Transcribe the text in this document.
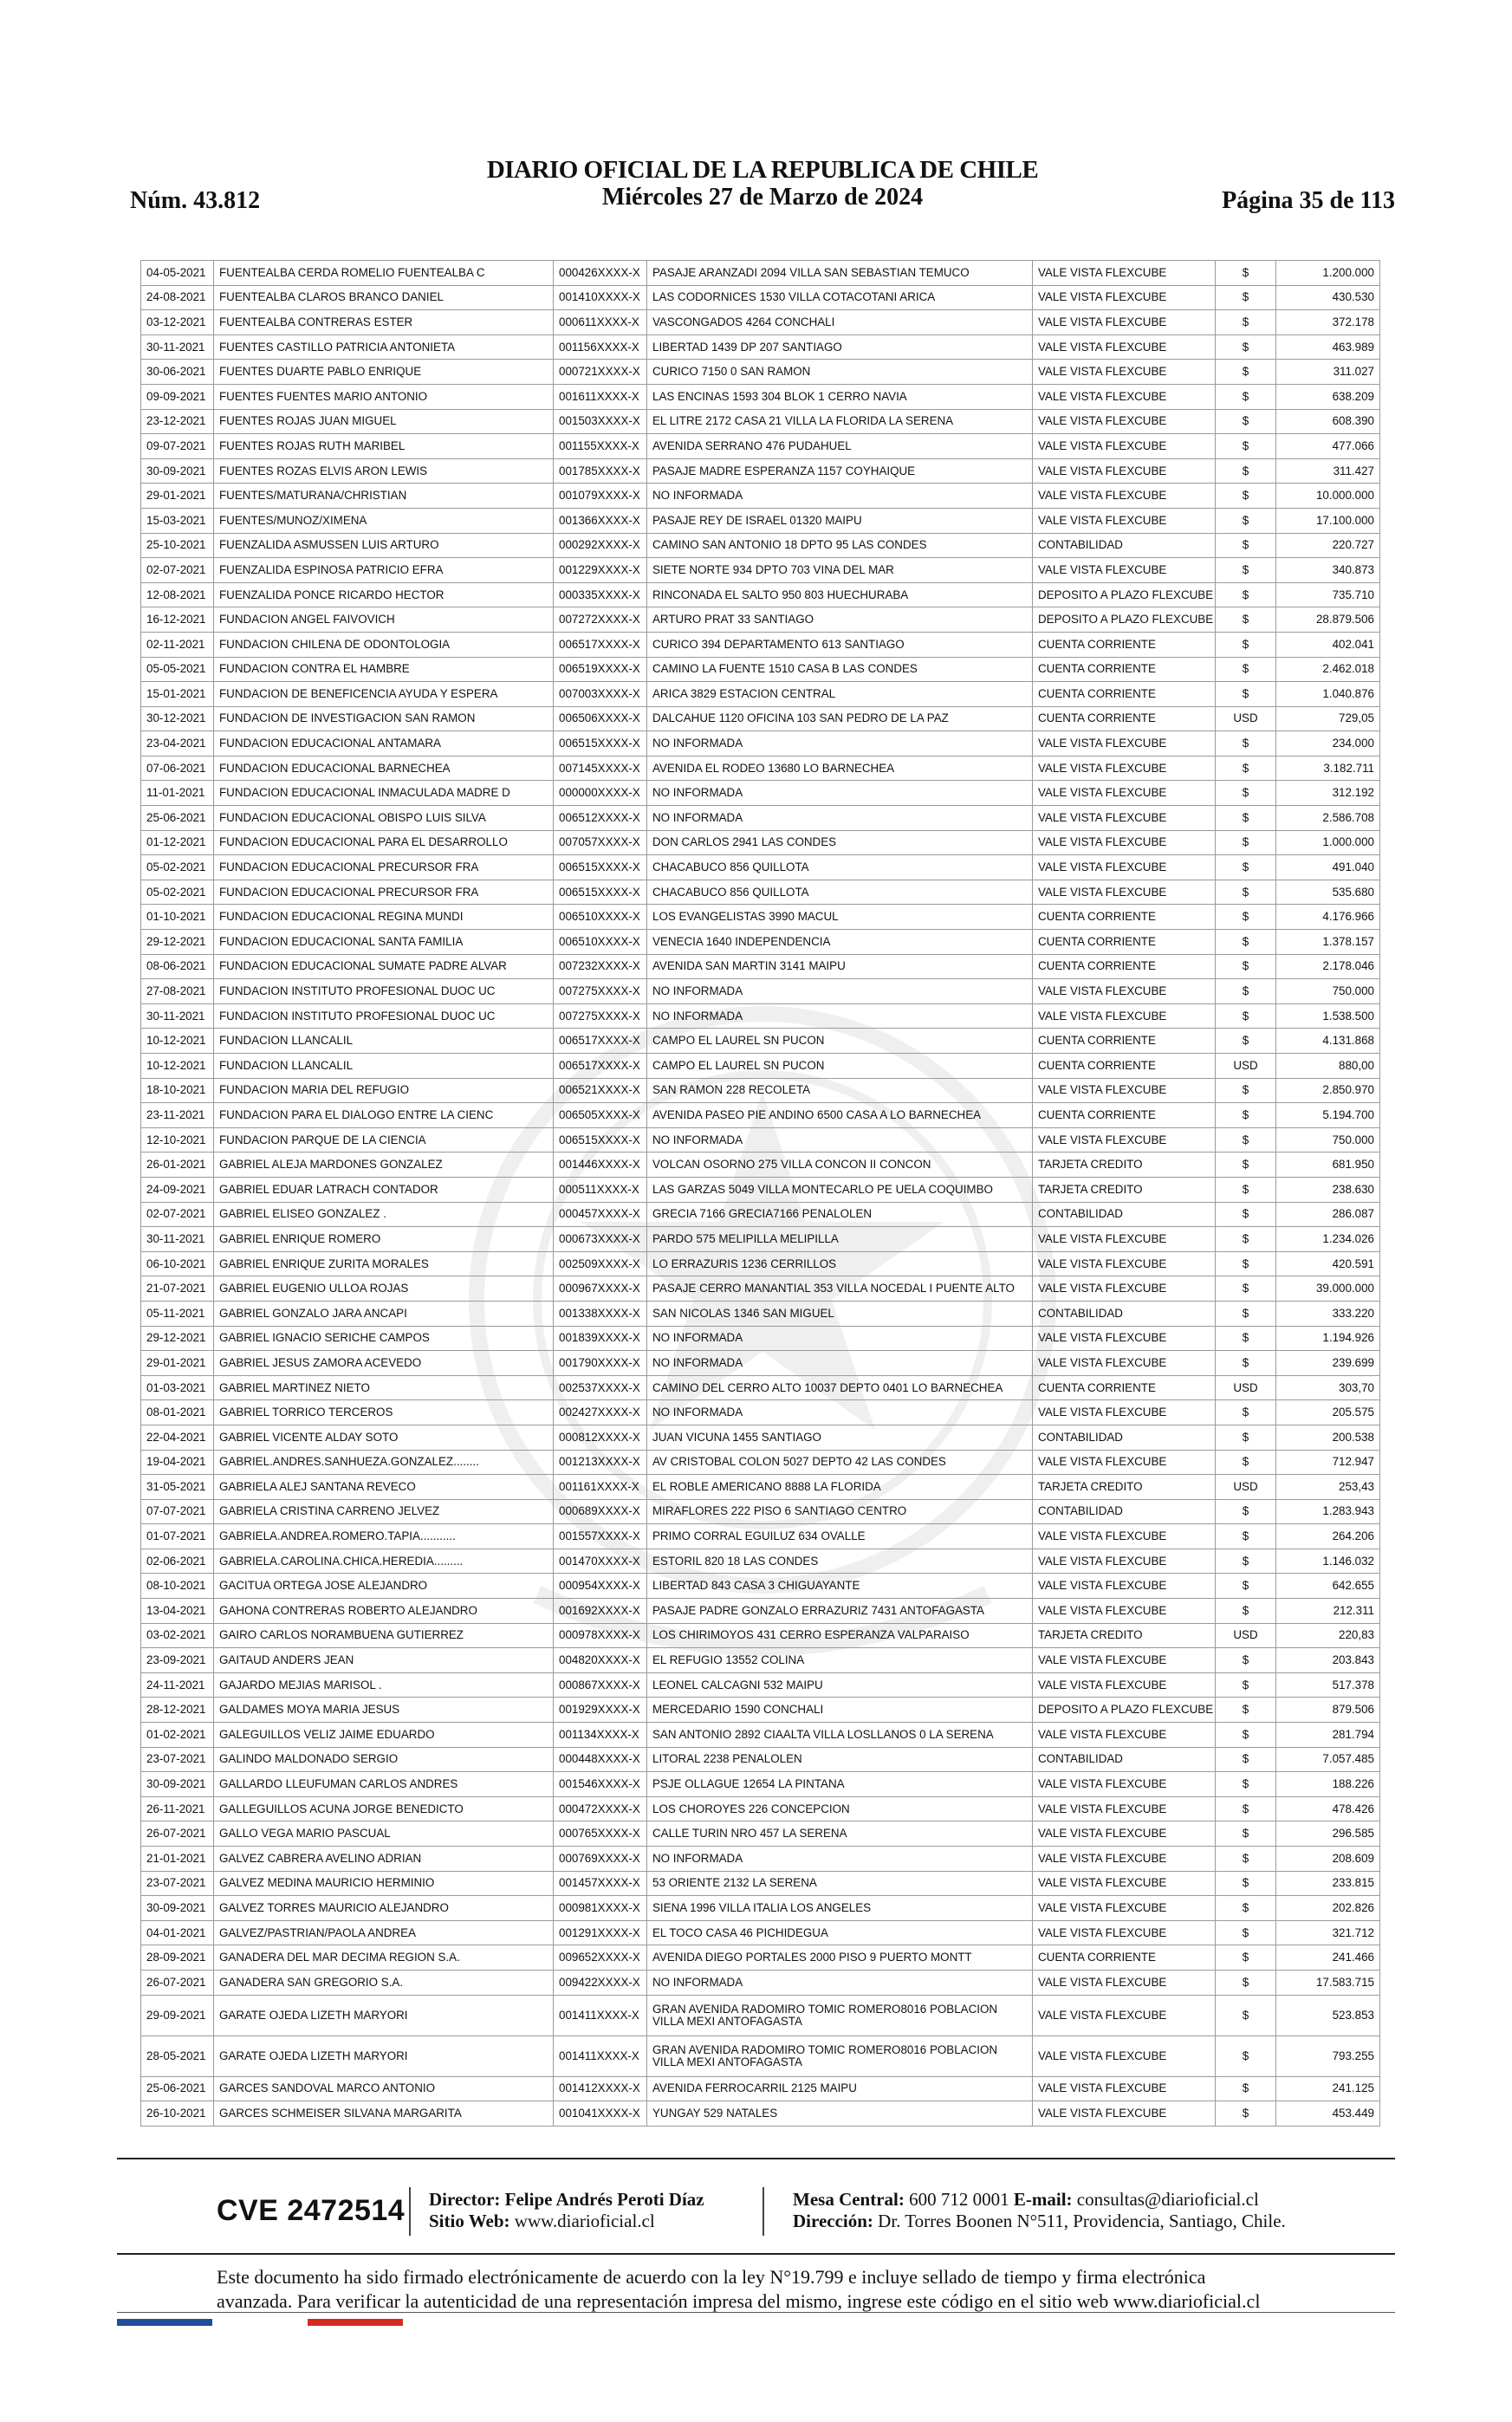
Núm. 43.812
DIARIO OFICIAL DE LA REPUBLICA DE CHILE
Miércoles 27 de Marzo de 2024	Página 35 de 113
04-05-2021	FUENTEALBA CERDA ROMELIO FUENTEALBA C	000426XXXX-X	PASAJE ARANZADI 2094 VILLA SAN SEBASTIAN TEMUCO	VALE VISTA FLEXCUBE	$	1.200.000
24-08-2021	FUENTEALBA CLAROS BRANCO DANIEL	001410XXXX-X	LAS CODORNICES 1530 VILLA COTACOTANI ARICA	VALE VISTA FLEXCUBE	$	430.530
03-12-2021	FUENTEALBA CONTRERAS ESTER	000611XXXX-X	VASCONGADOS 4264 CONCHALI	VALE VISTA FLEXCUBE	$	372.178
30-11-2021	FUENTES CASTILLO PATRICIA ANTONIETA	001156XXXX-X	LIBERTAD 1439 DP 207 SANTIAGO	VALE VISTA FLEXCUBE	$	463.989
30-06-2021	FUENTES DUARTE PABLO ENRIQUE	000721XXXX-X	CURICO 7150 0 SAN RAMON	VALE VISTA FLEXCUBE	$	311.027
09-09-2021	FUENTES FUENTES MARIO ANTONIO	001611XXXX-X	LAS ENCINAS 1593 304 BLOK 1 CERRO NAVIA	VALE VISTA FLEXCUBE	$	638.209
23-12-2021	FUENTES ROJAS JUAN MIGUEL	001503XXXX-X	EL LITRE 2172 CASA 21 VILLA LA FLORIDA LA SERENA	VALE VISTA FLEXCUBE	$	608.390
09-07-2021	FUENTES ROJAS RUTH MARIBEL	001155XXXX-X	AVENIDA SERRANO 476 PUDAHUEL	VALE VISTA FLEXCUBE	$	477.066
30-09-2021	FUENTES ROZAS ELVIS ARON LEWIS	001785XXXX-X	PASAJE MADRE ESPERANZA 1157 COYHAIQUE	VALE VISTA FLEXCUBE	$	311.427
29-01-2021	FUENTES/MATURANA/CHRISTIAN	001079XXXX-X	NO INFORMADA	VALE VISTA FLEXCUBE	$	10.000.000
15-03-2021	FUENTES/MUNOZ/XIMENA	001366XXXX-X	PASAJE REY DE ISRAEL 01320 MAIPU	VALE VISTA FLEXCUBE	$	17.100.000
25-10-2021	FUENZALIDA ASMUSSEN LUIS ARTURO	000292XXXX-X	CAMINO SAN ANTONIO 18 DPTO 95 LAS CONDES	CONTABILIDAD	$	220.727
02-07-2021	FUENZALIDA ESPINOSA PATRICIO EFRA	001229XXXX-X	SIETE NORTE 934 DPTO 703 VINA DEL MAR	VALE VISTA FLEXCUBE	$	340.873
12-08-2021	FUENZALIDA PONCE RICARDO HECTOR	000335XXXX-X	RINCONADA EL SALTO 950 803 HUECHURABA	DEPOSITO A PLAZO FLEXCUBE	$	735.710
16-12-2021	FUNDACION ANGEL FAIVOVICH	007272XXXX-X	ARTURO PRAT 33 SANTIAGO	DEPOSITO A PLAZO FLEXCUBE	$	28.879.506
02-11-2021	FUNDACION CHILENA DE ODONTOLOGIA	006517XXXX-X	CURICO 394 DEPARTAMENTO 613 SANTIAGO	CUENTA CORRIENTE	$	402.041
05-05-2021	FUNDACION CONTRA EL HAMBRE	006519XXXX-X	CAMINO LA FUENTE 1510 CASA B LAS CONDES	CUENTA CORRIENTE	$	2.462.018
15-01-2021	FUNDACION DE BENEFICENCIA AYUDA Y ESPERA	007003XXXX-X	ARICA 3829 ESTACION CENTRAL	CUENTA CORRIENTE	$	1.040.876
30-12-2021	FUNDACION DE INVESTIGACION SAN RAMON	006506XXXX-X	DALCAHUE 1120 OFICINA 103 SAN PEDRO DE LA PAZ	CUENTA CORRIENTE	USD	729,05
23-04-2021	FUNDACION EDUCACIONAL ANTAMARA	006515XXXX-X	NO INFORMADA	VALE VISTA FLEXCUBE	$	234.000
07-06-2021	FUNDACION EDUCACIONAL BARNECHEA	007145XXXX-X	AVENIDA EL RODEO 13680 LO BARNECHEA	VALE VISTA FLEXCUBE	$	3.182.711
11-01-2021	FUNDACION EDUCACIONAL INMACULADA MADRE D	000000XXXX-X	NO INFORMADA	VALE VISTA FLEXCUBE	$	312.192
25-06-2021	FUNDACION EDUCACIONAL OBISPO LUIS SILVA	006512XXXX-X	NO INFORMADA	VALE VISTA FLEXCUBE	$	2.586.708
01-12-2021	FUNDACION EDUCACIONAL PARA EL DESARROLLO	007057XXXX-X	DON CARLOS 2941 LAS CONDES	VALE VISTA FLEXCUBE	$	1.000.000
05-02-2021	FUNDACION EDUCACIONAL PRECURSOR FRA	006515XXXX-X	CHACABUCO 856 QUILLOTA	VALE VISTA FLEXCUBE	$	491.040
05-02-2021	FUNDACION EDUCACIONAL PRECURSOR FRA	006515XXXX-X	CHACABUCO 856 QUILLOTA	VALE VISTA FLEXCUBE	$	535.680
01-10-2021	FUNDACION EDUCACIONAL REGINA MUNDI	006510XXXX-X	LOS EVANGELISTAS 3990 MACUL	CUENTA CORRIENTE	$	4.176.966
29-12-2021	FUNDACION EDUCACIONAL SANTA FAMILIA	006510XXXX-X	VENECIA 1640 INDEPENDENCIA	CUENTA CORRIENTE	$	1.378.157
08-06-2021	FUNDACION EDUCACIONAL SUMATE PADRE ALVAR	007232XXXX-X	AVENIDA SAN MARTIN 3141 MAIPU	CUENTA CORRIENTE	$	2.178.046
27-08-2021	FUNDACION INSTITUTO PROFESIONAL DUOC UC	007275XXXX-X	NO INFORMADA	VALE VISTA FLEXCUBE	$	750.000
30-11-2021	FUNDACION INSTITUTO PROFESIONAL DUOC UC	007275XXXX-X	NO INFORMADA	VALE VISTA FLEXCUBE	$	1.538.500
10-12-2021	FUNDACION LLANCALIL	006517XXXX-X	CAMPO EL LAUREL SN PUCON	CUENTA CORRIENTE	$	4.131.868
10-12-2021	FUNDACION LLANCALIL	006517XXXX-X	CAMPO EL LAUREL SN PUCON	CUENTA CORRIENTE	USD	880,00
18-10-2021	FUNDACION MARIA DEL REFUGIO	006521XXXX-X	SAN RAMON 228 RECOLETA	VALE VISTA FLEXCUBE	$	2.850.970
23-11-2021	FUNDACION PARA EL DIALOGO ENTRE LA CIENC	006505XXXX-X	AVENIDA PASEO PIE ANDINO 6500 CASA A LO BARNECHEA	CUENTA CORRIENTE	$	5.194.700
12-10-2021	FUNDACION PARQUE DE LA CIENCIA	006515XXXX-X	NO INFORMADA	VALE VISTA FLEXCUBE	$	750.000
26-01-2021	GABRIEL ALEJA MARDONES GONZALEZ	001446XXXX-X	VOLCAN OSORNO 275 VILLA CONCON II CONCON	TARJETA CREDITO	$	681.950
24-09-2021	GABRIEL EDUAR LATRACH CONTADOR	000511XXXX-X	LAS GARZAS 5049 VILLA MONTECARLO PE UELA COQUIMBO	TARJETA CREDITO	$	238.630
02-07-2021	GABRIEL ELISEO GONZALEZ .	000457XXXX-X	GRECIA 7166 GRECIA7166 PENALOLEN	CONTABILIDAD	$	286.087
30-11-2021	GABRIEL ENRIQUE ROMERO	000673XXXX-X	PARDO 575 MELIPILLA MELIPILLA	VALE VISTA FLEXCUBE	$	1.234.026
06-10-2021	GABRIEL ENRIQUE ZURITA MORALES	002509XXXX-X	LO ERRAZURIS 1236 CERRILLOS	VALE VISTA FLEXCUBE	$	420.591
21-07-2021	GABRIEL EUGENIO ULLOA ROJAS	000967XXXX-X	PASAJE CERRO MANANTIAL 353 VILLA NOCEDAL I PUENTE ALTO	VALE VISTA FLEXCUBE	$	39.000.000
05-11-2021	GABRIEL GONZALO JARA ANCAPI	001338XXXX-X	SAN NICOLAS 1346 SAN MIGUEL	CONTABILIDAD	$	333.220
29-12-2021	GABRIEL IGNACIO SERICHE CAMPOS	001839XXXX-X	NO INFORMADA	VALE VISTA FLEXCUBE	$	1.194.926
29-01-2021	GABRIEL JESUS ZAMORA ACEVEDO	001790XXXX-X	NO INFORMADA	VALE VISTA FLEXCUBE	$	239.699
01-03-2021	GABRIEL MARTINEZ NIETO	002537XXXX-X	CAMINO DEL CERRO ALTO 10037 DEPTO 0401 LO BARNECHEA	CUENTA CORRIENTE	USD	303,70
08-01-2021	GABRIEL TORRICO TERCEROS	002427XXXX-X	NO INFORMADA	VALE VISTA FLEXCUBE	$	205.575
22-04-2021	GABRIEL VICENTE ALDAY SOTO	000812XXXX-X	JUAN VICUNA 1455 SANTIAGO	CONTABILIDAD	$	200.538
19-04-2021	GABRIEL.ANDRES.SANHUEZA.GONZALEZ........	001213XXXX-X	AV CRISTOBAL COLON 5027 DEPTO 42 LAS CONDES	VALE VISTA FLEXCUBE	$	712.947
31-05-2021	GABRIELA ALEJ SANTANA REVECO	001161XXXX-X	EL ROBLE AMERICANO 8888 LA FLORIDA	TARJETA CREDITO	USD	253,43
07-07-2021	GABRIELA CRISTINA CARRENO JELVEZ	000689XXXX-X	MIRAFLORES 222 PISO 6 SANTIAGO CENTRO	CONTABILIDAD	$	1.283.943
01-07-2021	GABRIELA.ANDREA.ROMERO.TAPIA...........	001557XXXX-X	PRIMO CORRAL EGUILUZ 634 OVALLE	VALE VISTA FLEXCUBE	$	264.206
02-06-2021	GABRIELA.CAROLINA.CHICA.HEREDIA.........	001470XXXX-X	ESTORIL 820 18 LAS CONDES	VALE VISTA FLEXCUBE	$	1.146.032
08-10-2021	GACITUA ORTEGA JOSE ALEJANDRO	000954XXXX-X	LIBERTAD 843 CASA 3 CHIGUAYANTE	VALE VISTA FLEXCUBE	$	642.655
13-04-2021	GAHONA CONTRERAS ROBERTO ALEJANDRO	001692XXXX-X	PASAJE PADRE GONZALO ERRAZURIZ 7431 ANTOFAGASTA	VALE VISTA FLEXCUBE	$	212.311
03-02-2021	GAIRO CARLOS NORAMBUENA GUTIERREZ	000978XXXX-X	LOS CHIRIMOYOS 431 CERRO ESPERANZA VALPARAISO	TARJETA CREDITO	USD	220,83
23-09-2021	GAITAUD ANDERS JEAN	004820XXXX-X	EL REFUGIO 13552 COLINA	VALE VISTA FLEXCUBE	$	203.843
24-11-2021	GAJARDO MEJIAS MARISOL .	000867XXXX-X	LEONEL CALCAGNI 532 MAIPU	VALE VISTA FLEXCUBE	$	517.378
28-12-2021	GALDAMES MOYA MARIA JESUS	001929XXXX-X	MERCEDARIO 1590 CONCHALI	DEPOSITO A PLAZO FLEXCUBE	$	879.506
01-02-2021	GALEGUILLOS VELIZ JAIME EDUARDO	001134XXXX-X	SAN ANTONIO 2892 CIAALTA VILLA LOSLLANOS 0 LA SERENA	VALE VISTA FLEXCUBE	$	281.794
23-07-2021	GALINDO MALDONADO SERGIO	000448XXXX-X	LITORAL 2238 PENALOLEN	CONTABILIDAD	$	7.057.485
30-09-2021	GALLARDO LLEUFUMAN CARLOS ANDRES	001546XXXX-X	PSJE OLLAGUE 12654 LA PINTANA	VALE VISTA FLEXCUBE	$	188.226
26-11-2021	GALLEGUILLOS ACUNA JORGE BENEDICTO	000472XXXX-X	LOS CHOROYES 226 CONCEPCION	VALE VISTA FLEXCUBE	$	478.426
26-07-2021	GALLO VEGA MARIO PASCUAL	000765XXXX-X	CALLE TURIN NRO 457 LA SERENA	VALE VISTA FLEXCUBE	$	296.585
21-01-2021	GALVEZ CABRERA AVELINO ADRIAN	000769XXXX-X	NO INFORMADA	VALE VISTA FLEXCUBE	$	208.609
23-07-2021	GALVEZ MEDINA MAURICIO HERMINIO	001457XXXX-X	53 ORIENTE 2132 LA SERENA	VALE VISTA FLEXCUBE	$	233.815
30-09-2021	GALVEZ TORRES MAURICIO ALEJANDRO	000981XXXX-X	SIENA 1996 VILLA ITALIA LOS ANGELES	VALE VISTA FLEXCUBE	$	202.826
04-01-2021	GALVEZ/PASTRIAN/PAOLA ANDREA	001291XXXX-X	EL TOCO CASA 46 PICHIDEGUA	VALE VISTA FLEXCUBE	$	321.712
28-09-2021	GANADERA DEL MAR DECIMA REGION S.A.	009652XXXX-X	AVENIDA DIEGO PORTALES 2000 PISO 9 PUERTO MONTT	CUENTA CORRIENTE	$	241.466
26-07-2021	GANADERA SAN GREGORIO S.A.	009422XXXX-X	NO INFORMADA	VALE VISTA FLEXCUBE	$	17.583.715
29-09-2021	GARATE OJEDA LIZETH MARYORI	001411XXXX-X	GRAN AVENIDA RADOMIRO TOMIC ROMERO8016 POBLACION VILLA MEXI ANTOFAGASTA	VALE VISTA FLEXCUBE	$	523.853
28-05-2021	GARATE OJEDA LIZETH MARYORI	001411XXXX-X	GRAN AVENIDA RADOMIRO TOMIC ROMERO8016 POBLACION VILLA MEXI ANTOFAGASTA	VALE VISTA FLEXCUBE	$	793.255
25-06-2021	GARCES SANDOVAL MARCO ANTONIO	001412XXXX-X	AVENIDA FERROCARRIL 2125 MAIPU	VALE VISTA FLEXCUBE	$	241.125
26-10-2021	GARCES SCHMEISER SILVANA MARGARITA	001041XXXX-X	YUNGAY 529 NATALES	VALE VISTA FLEXCUBE	$	453.449
CVE 2472514 Director: Felipe Andrés Peroti Díaz
Sitio Web: www.diarioficial.cl
Mesa Central: 600 712 0001 E-mail: consultas@diarioficial.cl
Dirección: Dr. Torres Boonen N°511, Providencia, Santiago, Chile.
Este documento ha sido firmado electrónicamente de acuerdo con la ley N°19.799 e incluye sellado de tiempo y firma electrónica
avanzada. Para verificar la autenticidad de una representación impresa del mismo, ingrese este código en el sitio web www.diarioficial.cl
